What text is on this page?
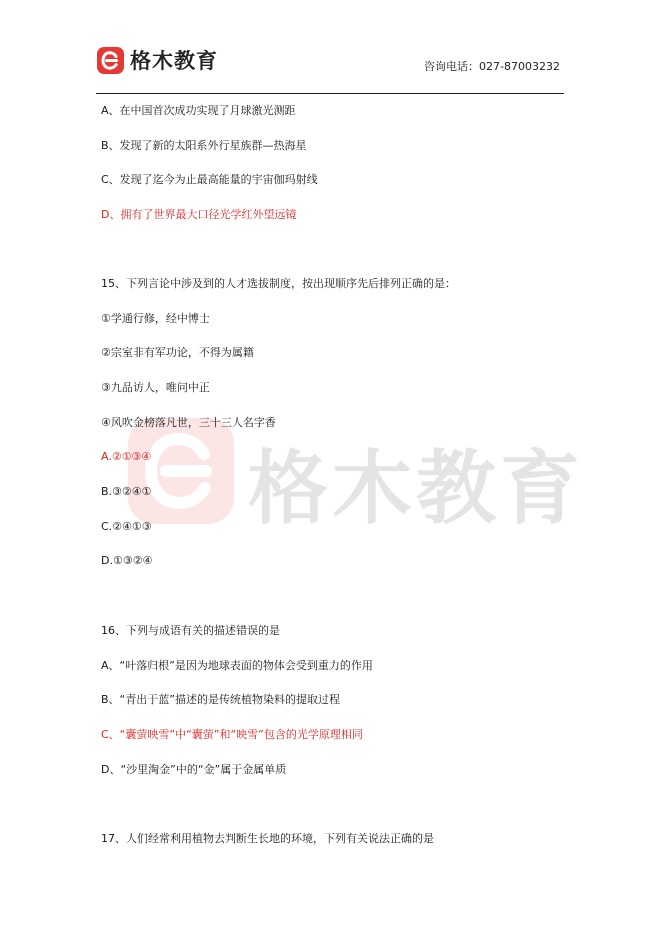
格木教育	咨询电话：027-87003232
格木教育
A、在中国首次成功实现了月球激光测距
B、发现了新的太阳系外行星族群—热海星
C、发现了迄今为止最高能量的宇宙伽玛射线
D、拥有了世界最大口径光学红外望远镜
15、下列言论中涉及到的人才选拔制度，按出现顺序先后排列正确的是：
①学通行修，经中博士
②宗室非有军功论，不得为属籍
③九品访人，唯问中正
④风吹金榜落凡世，三十三人名字香
A.②①③④
B.③②④①
C.②④①③
D.①③②④
16、下列与成语有关的描述错误的是
A、“叶落归根”是因为地球表面的物体会受到重力的作用
B、“青出于蓝”描述的是传统植物染料的提取过程
C、“囊萤映雪”中“囊萤”和“映雪”包含的光学原理相同
D、“沙里淘金”中的“金”属于金属单质
17、人们经常利用植物去判断生长地的环境，下列有关说法正确的是
